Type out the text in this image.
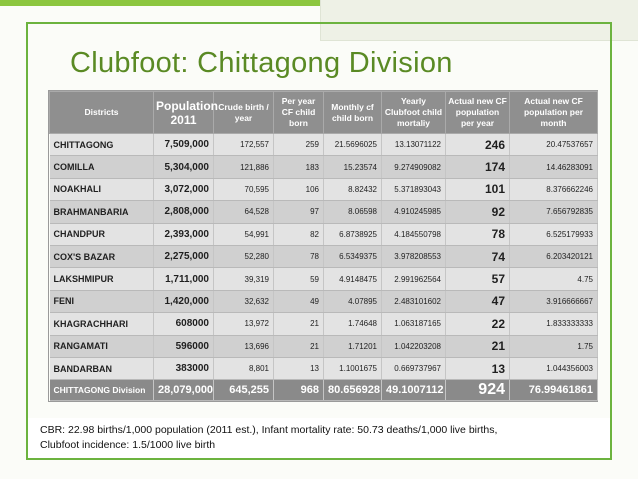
Clubfoot: Chittagong Division
Districts	Population 2011	Crude birth / year	Per year CF child born	Monthly cf child born	Yearly Clubfoot child mortaliy	Actual new CF population per year	Actual new CF population per month
CHITTAGONG	7,509,000	172,557	259	21.5696025	13.13071122	246	20.47537657
COMILLA	5,304,000	121,886	183	15.23574	9.274909082	174	14.46283091
NOAKHALI	3,072,000	70,595	106	8.82432	5.371893043	101	8.376662246
BRAHMANBARIA	2,808,000	64,528	97	8.06598	4.910245985	92	7.656792835
CHANDPUR	2,393,000	54,991	82	6.8738925	4.184550798	78	6.525179933
COX'S BAZAR	2,275,000	52,280	78	6.5349375	3.978208553	74	6.203420121
LAKSHMIPUR	1,711,000	39,319	59	4.9148475	2.991962564	57	4.75
FENI	1,420,000	32,632	49	4.07895	2.483101602	47	3.916666667
KHAGRACHHARI	608000	13,972	21	1.74648	1.063187165	22	1.833333333
RANGAMATI	596000	13,696	21	1.71201	1.042203208	21	1.75
BANDARBAN	383000	8,801	13	1.1001675	0.669737967	13	1.044356003
CHITTAGONG Division	28,079,000	645,255	968	80.656928	49.1007112	924	76.99461861
CBR: 22.98 births/1,000 population (2011 est.), Infant mortality rate: 50.73 deaths/1,000 live births,
Clubfoot incidence: 1.5/1000 live birth
